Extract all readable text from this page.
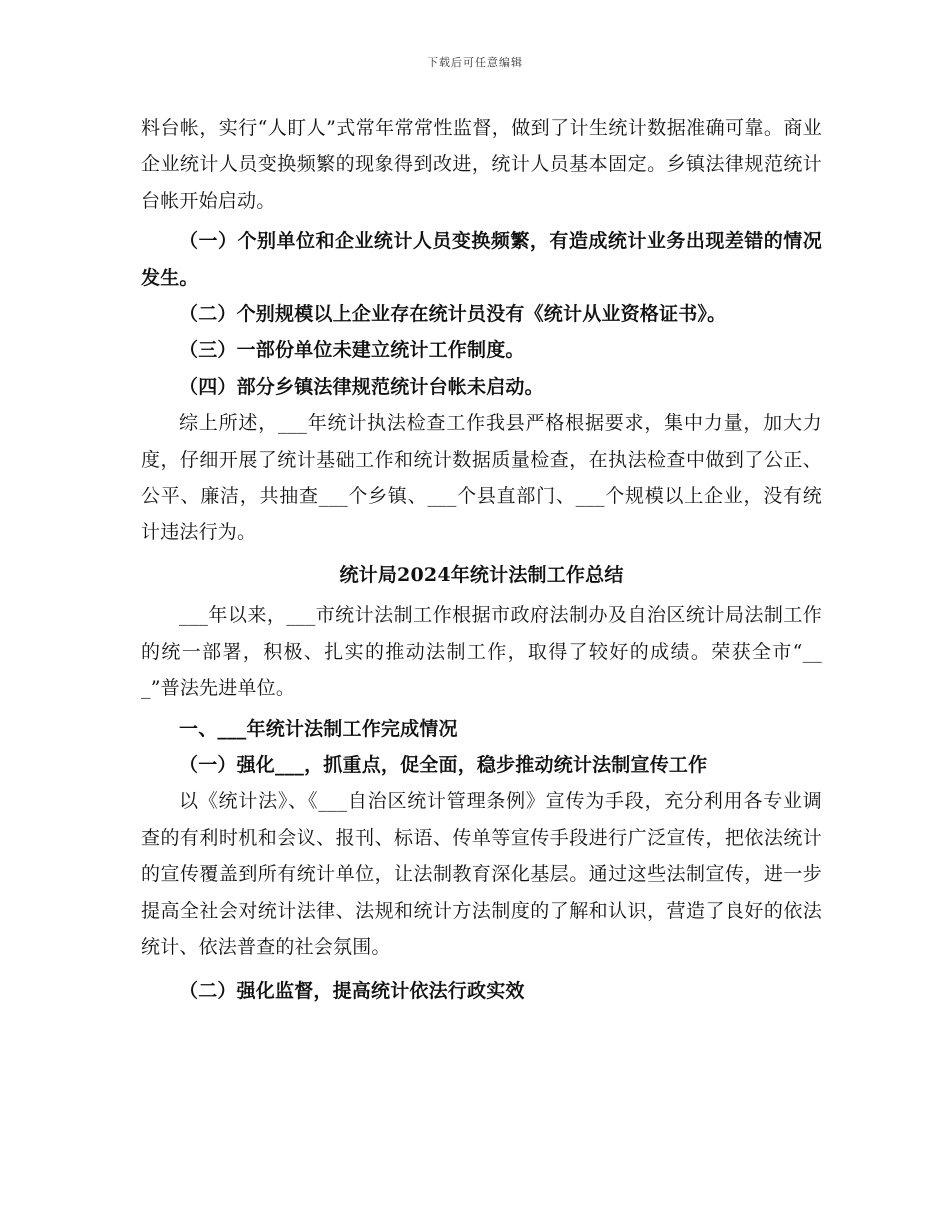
下载后可任意编辑

料台帐，实行“人盯人”式常年常常性监督，做到了计生统计数据准确可靠。商业企业统计人员变换频繁的现象得到改进，统计人员基本固定。乡镇法律规范统计台帐开始启动。

（一）个别单位和企业统计人员变换频繁，有造成统计业务出现差错的情况发生。

（二）个别规模以上企业存在统计员没有《统计从业资格证书》。

（三）一部份单位未建立统计工作制度。

（四）部分乡镇法律规范统计台帐未启动。

综上所述，___年统计执法检查工作我县严格根据要求，集中力量，加大力度，仔细开展了统计基础工作和统计数据质量检查，在执法检查中做到了公正、公平、廉洁，共抽查___个乡镇、___个县直部门、___个规模以上企业，没有统计违法行为。

统计局2024年统计法制工作总结

___年以来，___市统计法制工作根据市政府法制办及自治区统计局法制工作的统一部署，积极、扎实的推动法制工作，取得了较好的成绩。荣获全市“___”普法先进单位。

一、___年统计法制工作完成情况

（一）强化___，抓重点，促全面，稳步推动统计法制宣传工作

以《统计法》、《___自治区统计管理条例》宣传为手段，充分利用各专业调查的有利时机和会议、报刊、标语、传单等宣传手段进行广泛宣传，把依法统计的宣传覆盖到所有统计单位，让法制教育深化基层。通过这些法制宣传，进一步提高全社会对统计法律、法规和统计方法制度的了解和认识，营造了良好的依法统计、依法普查的社会氛围。

（二）强化监督，提高统计依法行政实效
